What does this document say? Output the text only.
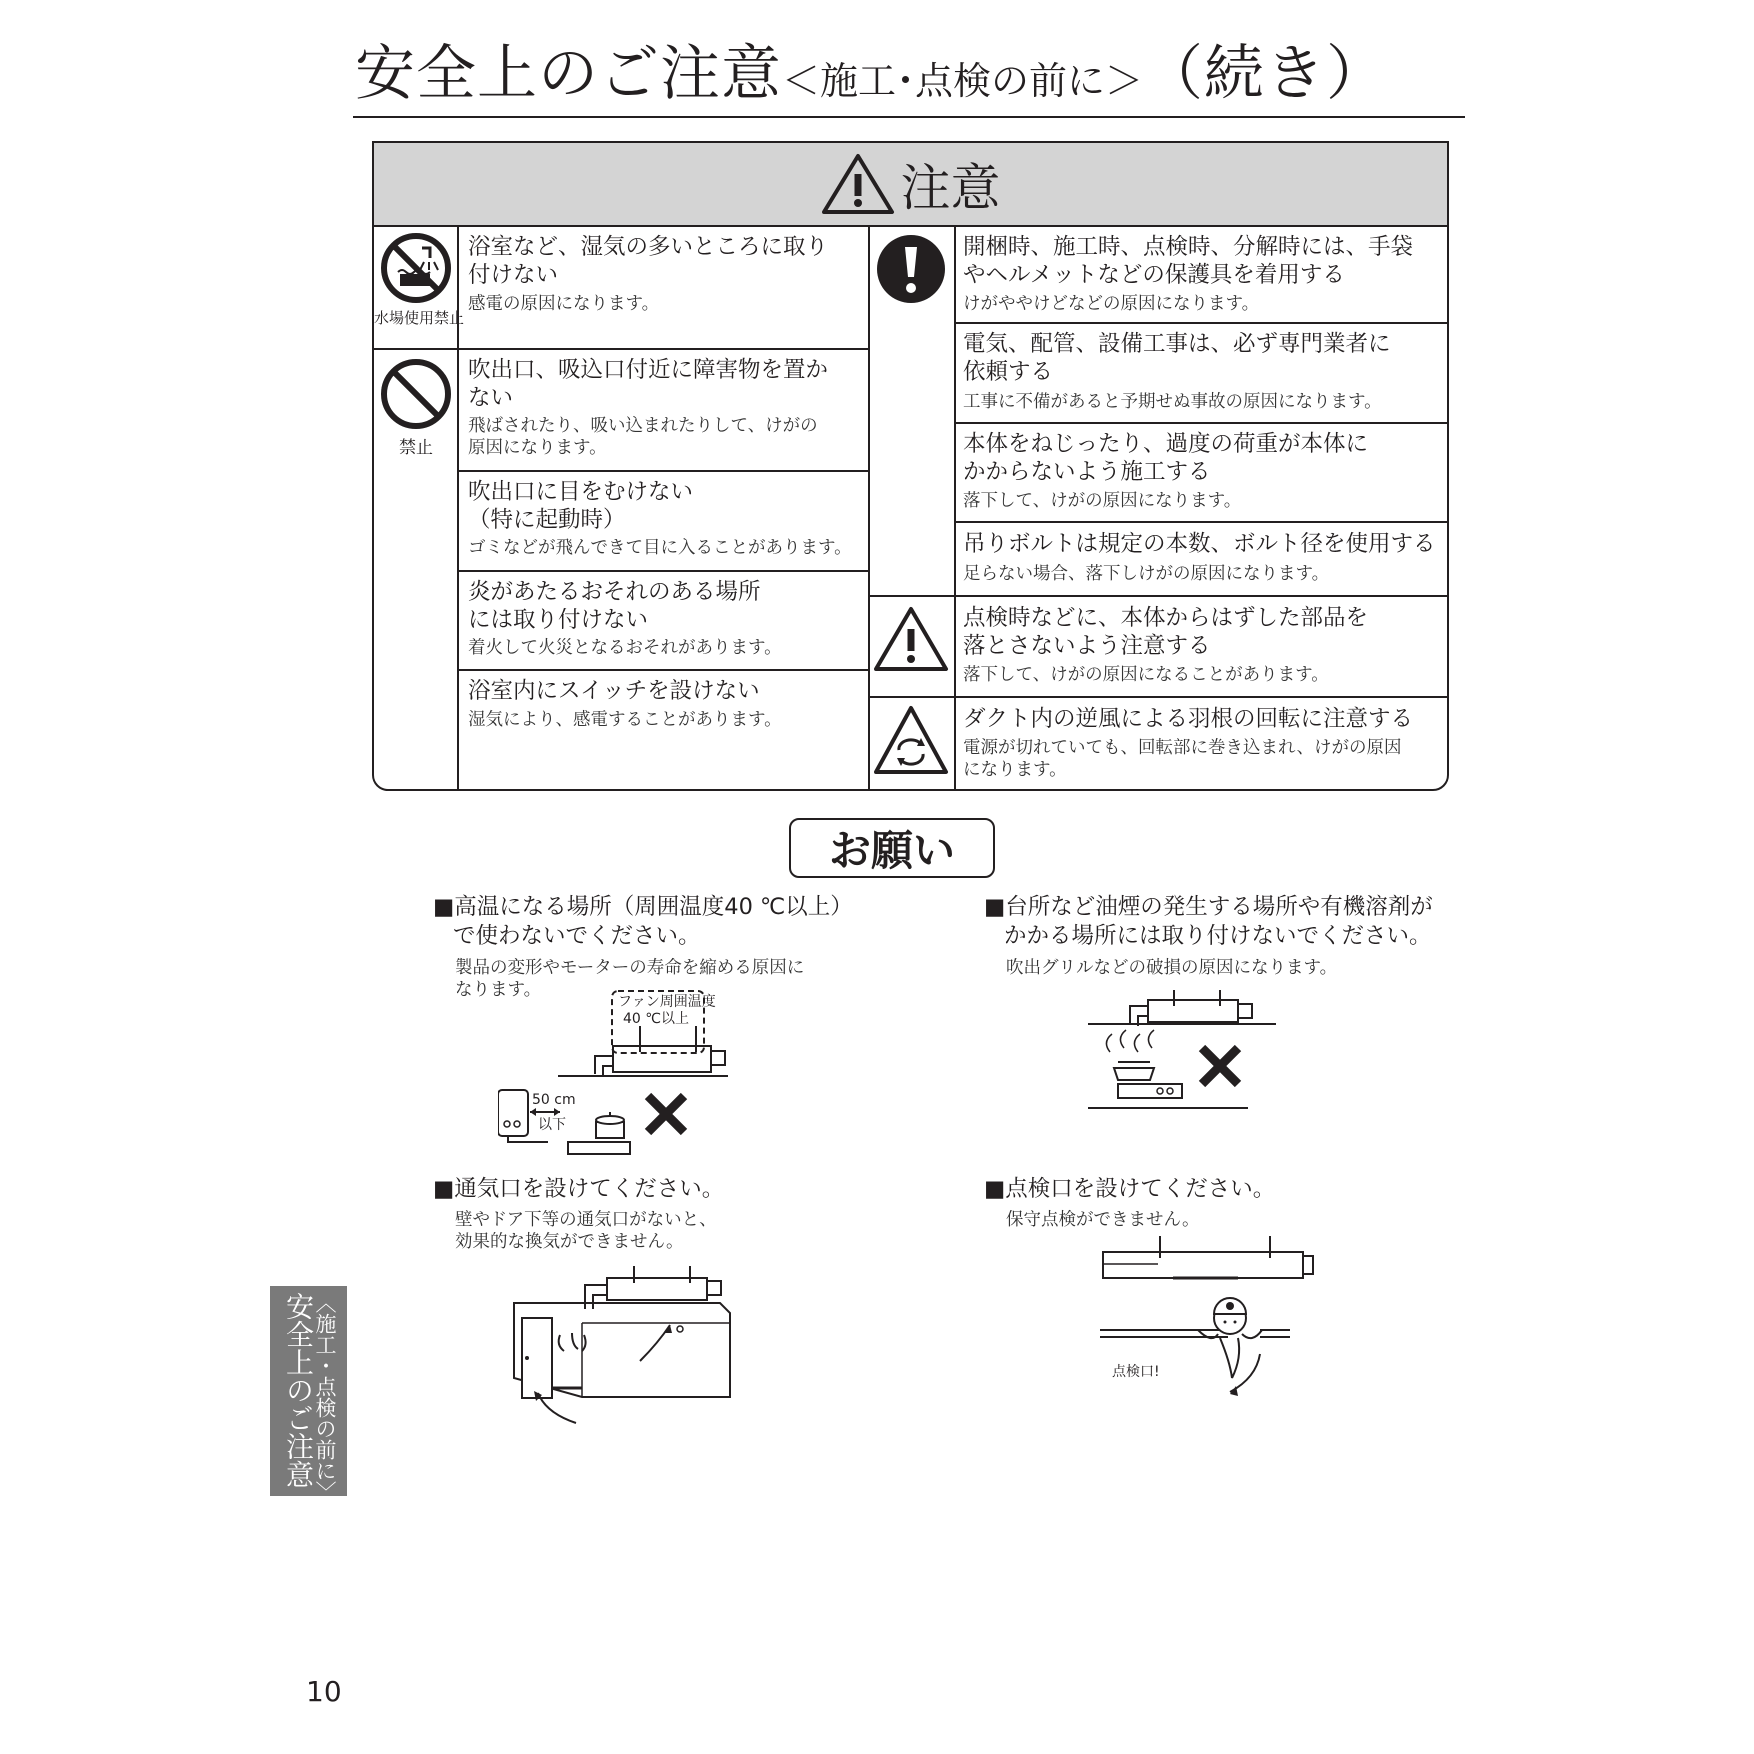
安全上のご注意＜施工･点検の前に＞（続き）
注意
水場使用禁止
禁止
浴室など、湿気の多いところに取り
付けない
感電の原因になります。
吹出口、吸込口付近に障害物を置か
ない
飛ばされたり、吸い込まれたりして、けがの
原因になります。
吹出口に目をむけない
（特に起動時）
ゴミなどが飛んできて目に入ることがあります。
炎があたるおそれのある場所
には取り付けない
着火して火災となるおそれがあります。
浴室内にスイッチを設けない
湿気により、感電することがあります。
開梱時、施工時、点検時、分解時には、手袋
やヘルメットなどの保護具を着用する
けがややけどなどの原因になります。
電気、配管、設備工事は、必ず専門業者に
依頼する
工事に不備があると予期せぬ事故の原因になります。
本体をねじったり、過度の荷重が本体に
かからないよう施工する
落下して、けがの原因になります。
吊りボルトは規定の本数、ボルト径を使用する
足らない場合、落下しけがの原因になります。
点検時などに、本体からはずした部品を
落とさないよう注意する
落下して、けがの原因になることがあります。
ダクト内の逆風による羽根の回転に注意する
電源が切れていても、回転部に巻き込まれ、けがの原因
になります。
お願い
■高温になる場所（周囲温度40 ℃以上）
で使わないでください。
製品の変形やモーターの寿命を縮める原因に
なります。
ファン周囲温度
40 ℃以上
50 cm
以下
■台所など油煙の発生する場所や有機溶剤が
かかる場所には取り付けないでください。
吹出グリルなどの破損の原因になります。
■通気口を設けてください。
壁やドア下等の通気口がないと、
効果的な換気ができません。
■点検口を設けてください。
保守点検ができません。
点検口!
〈施工・点検の前に〉
安全上のご注意
10
